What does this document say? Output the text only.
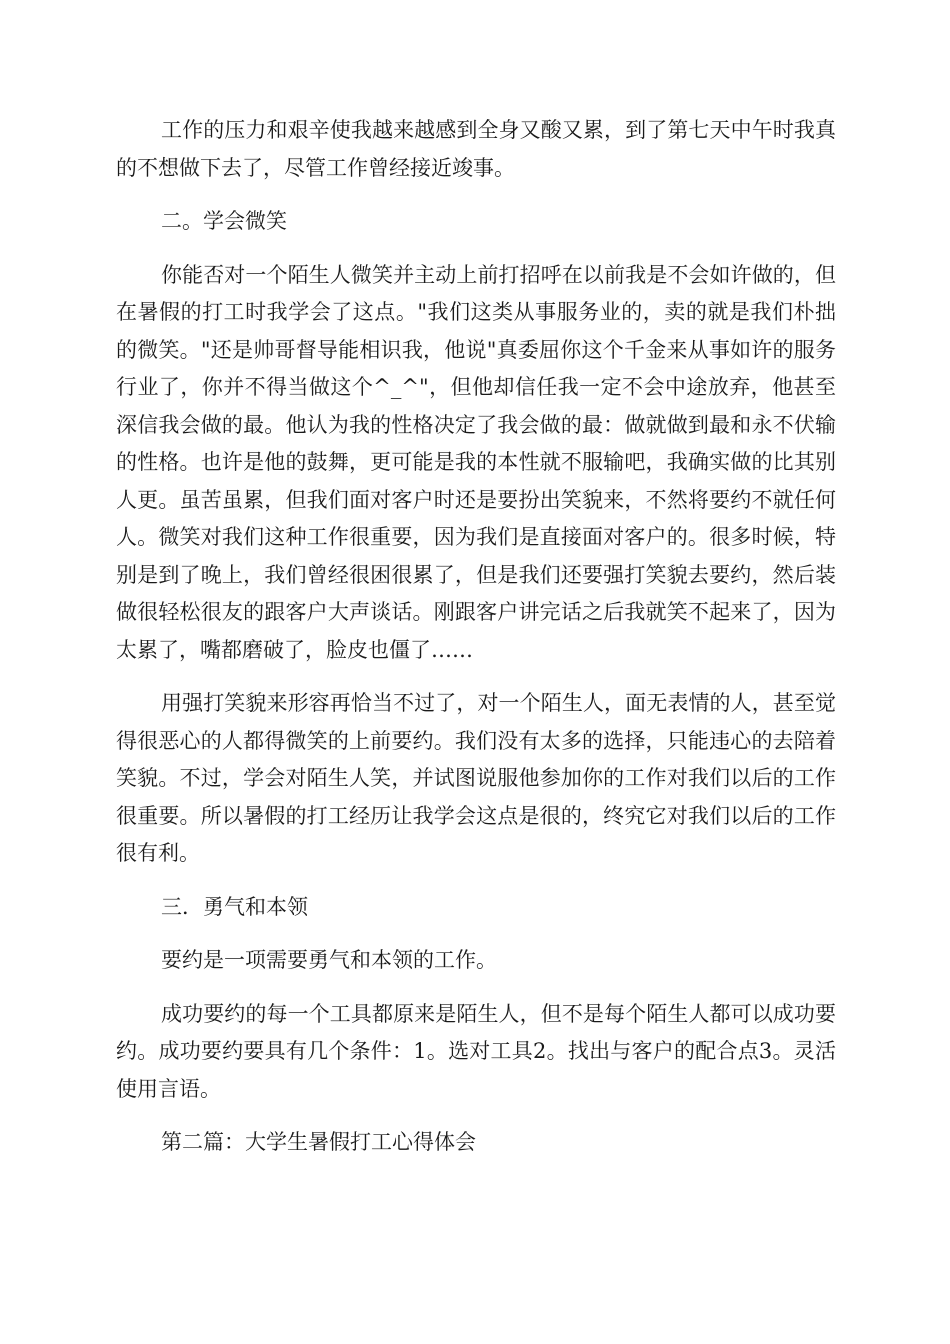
工作的压力和艰辛使我越来越感到全身又酸又累，到了第七天中午时我真的不想做下去了，尽管工作曾经接近竣事。

二。学会微笑

你能否对一个陌生人微笑并主动上前打招呼在以前我是不会如许做的，但在暑假的打工时我学会了这点。"我们这类从事服务业的，卖的就是我们朴拙的微笑。"还是帅哥督导能相识我，他说"真委屈你这个千金来从事如许的服务行业了，你并不得当做这个^_^"，但他却信任我一定不会中途放弃，他甚至深信我会做的最。他认为我的性格决定了我会做的最：做就做到最和永不伏输的性格。也许是他的鼓舞，更可能是我的本性就不服输吧，我确实做的比其别人更。虽苦虽累，但我们面对客户时还是要扮出笑貌来，不然将要约不就任何人。微笑对我们这种工作很重要，因为我们是直接面对客户的。很多时候，特别是到了晚上，我们曾经很困很累了，但是我们还要强打笑貌去要约，然后装做很轻松很友的跟客户大声谈话。刚跟客户讲完话之后我就笑不起来了，因为太累了，嘴都磨破了，脸皮也僵了……

用强打笑貌来形容再恰当不过了，对一个陌生人，面无表情的人，甚至觉得很恶心的人都得微笑的上前要约。我们没有太多的选择，只能违心的去陪着笑貌。不过，学会对陌生人笑，并试图说服他参加你的工作对我们以后的工作很重要。所以暑假的打工经历让我学会这点是很的，终究它对我们以后的工作很有利。

三．勇气和本领

要约是一项需要勇气和本领的工作。

成功要约的每一个工具都原来是陌生人，但不是每个陌生人都可以成功要约。成功要约要具有几个条件：1。选对工具2。找出与客户的配合点3。灵活使用言语。

第二篇：大学生暑假打工心得体会
